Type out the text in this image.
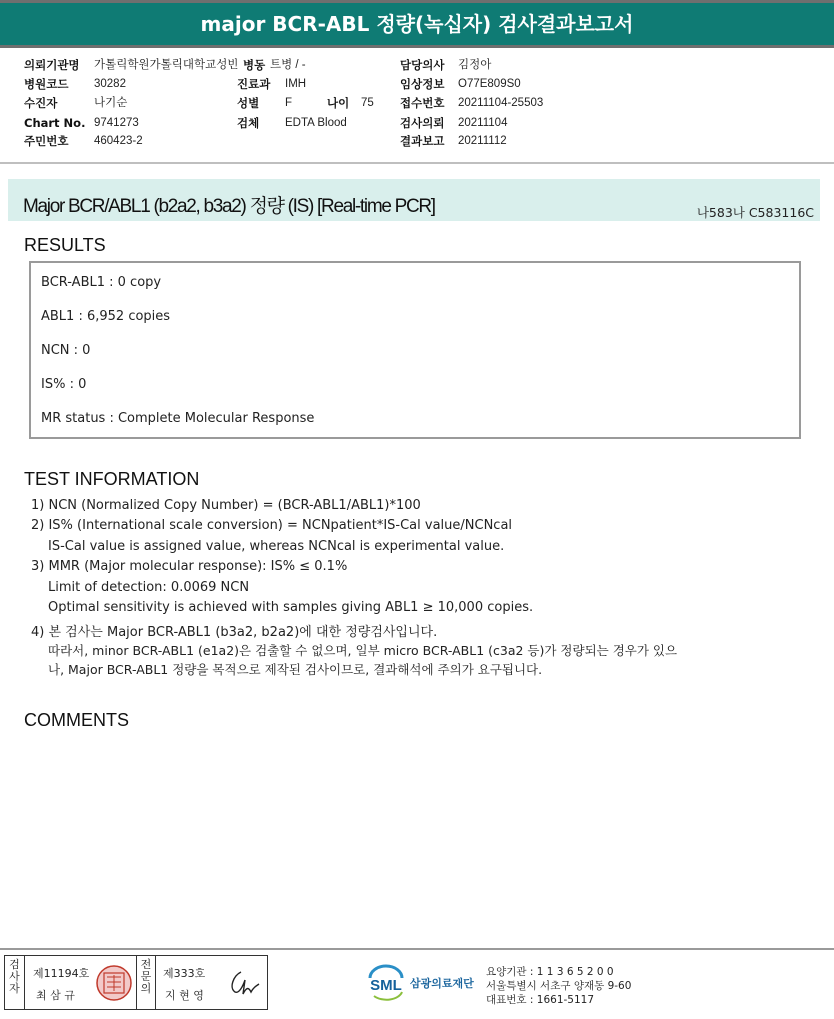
major BCR-ABL 정량(녹십자) 검사결과보고서
의뢰기관명 가톨릭학원가톨릭대학교성빈 병동 트병 / -	담당의사 김정아
병원코드 30282	진료과 IMH	임상정보 O77E809S0
수진자	나기순	성별 F	나이 75 접수번호 20211104-25503
Chart No. 9741273	검체 EDTA Blood	검사의뢰 20211104
주민번호 460423-2	결과보고 20211112
Major BCR/ABL1 (b2a2, b3a2) 정량 (IS) [Real-time PCR]	나583나 C583116C
RESULTS
BCR-ABL1 : 0 copy
ABL1 : 6,952 copies
NCN : 0
IS% : 0
MR status : Complete Molecular Response
TEST INFORMATION
1) NCN (Normalized Copy Number) = (BCR-ABL1/ABL1)*100
2) IS% (International scale conversion) = NCNpatient*IS-Cal value/NCNcal
IS-Cal value is assigned value, whereas NCNcal is experimental value.
3) MMR (Major molecular response): IS% ≤ 0.1%
Limit of detection: 0.0069 NCN
Optimal sensitivity is achieved with samples giving ABL1 ≥ 10,000 copies.
4) 본 검사는 Major BCR-ABL1 (b3a2, b2a2)에 대한 정량검사입니다.
따라서, minor BCR-ABL1 (e1a2)은 검출할 수 없으며, 일부 micro BCR-ABL1 (c3a2 등)가 정량되는 경우가 있으
나, Major BCR-ABL1 정량을 목적으로 제작된 검사이므로, 결과해석에 주의가 요구됩니다.
COMMENTS
검
사
자
제11194호
최 삼 규
전
문
의
제333호
지 현 영
SML 삼광의료재단
요양기관 : 1 1 3 6 5 2 0 0
서울특별시 서초구 양재동 9-60
대표번호 : 1661-5117
